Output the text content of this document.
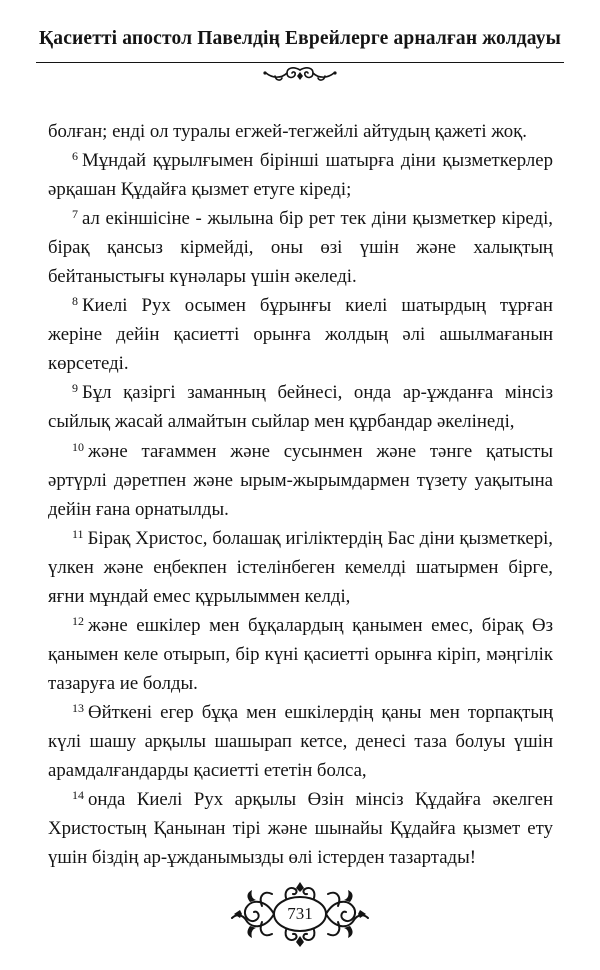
Қасиетті апостол Павелдің Еврейлерге арналған жолдауы

болған; енді ол туралы егжей-тегжейлі айтудың қажеті жоқ.

$^6$ Мұндай құрылғымен бірінші шатырға діни қызметкерлер әрқашан Құдайға қызмет етуге кіреді;

$^7$ ал екіншісіне - жылына бір рет тек діни қызметкер кіреді, бірақ қансыз кірмейді, оны өзі үшін және халықтың бейтаныстығы күнәлары үшін әкеледі.

$^8$ Киелі Рух осымен бұрынғы киелі шатырдың тұрған жеріне дейін қасиетті орынға жолдың әлі ашылмағанын көрсетеді.

$^9$ Бұл қазіргі заманның бейнесі, онда ар-ұжданға мінсіз сыйлық жасай алмайтын сыйлар мен құрбандар әкелінеді,

$^{10}$ және тағаммен және сусынмен және тәнге қатысты әртүрлі дәретпен және ырым-жырымдармен түзету уақытына дейін ғана орнатылды.

$^{11}$ Бірақ Христос, болашақ игіліктердің Бас діни қызметкері, үлкен және еңбекпен істелінбеген кемелді шатырмен бірге, яғни мұндай емес құрылыммен келді,

$^{12}$ және ешкілер мен бұқалардың қанымен емес, бірақ Өз қанымен келе отырып, бір күні қасиетті орынға кіріп, мәңгілік тазаруға ие болды.

$^{13}$ Өйткені егер бұқа мен ешкілердің қаны мен торпақтың күлі шашу арқылы шашырап кетсе, денесі таза болуы үшін арамдалғандарды қасиетті ететін болса,

$^{14}$ онда Киелі Рух арқылы Өзін мінсіз Құдайға әкелген Христостың Қанынан тірі және шынайы Құдайға қызмет ету үшін біздің ар-ұжданымызды өлі істерден тазартады!

731
